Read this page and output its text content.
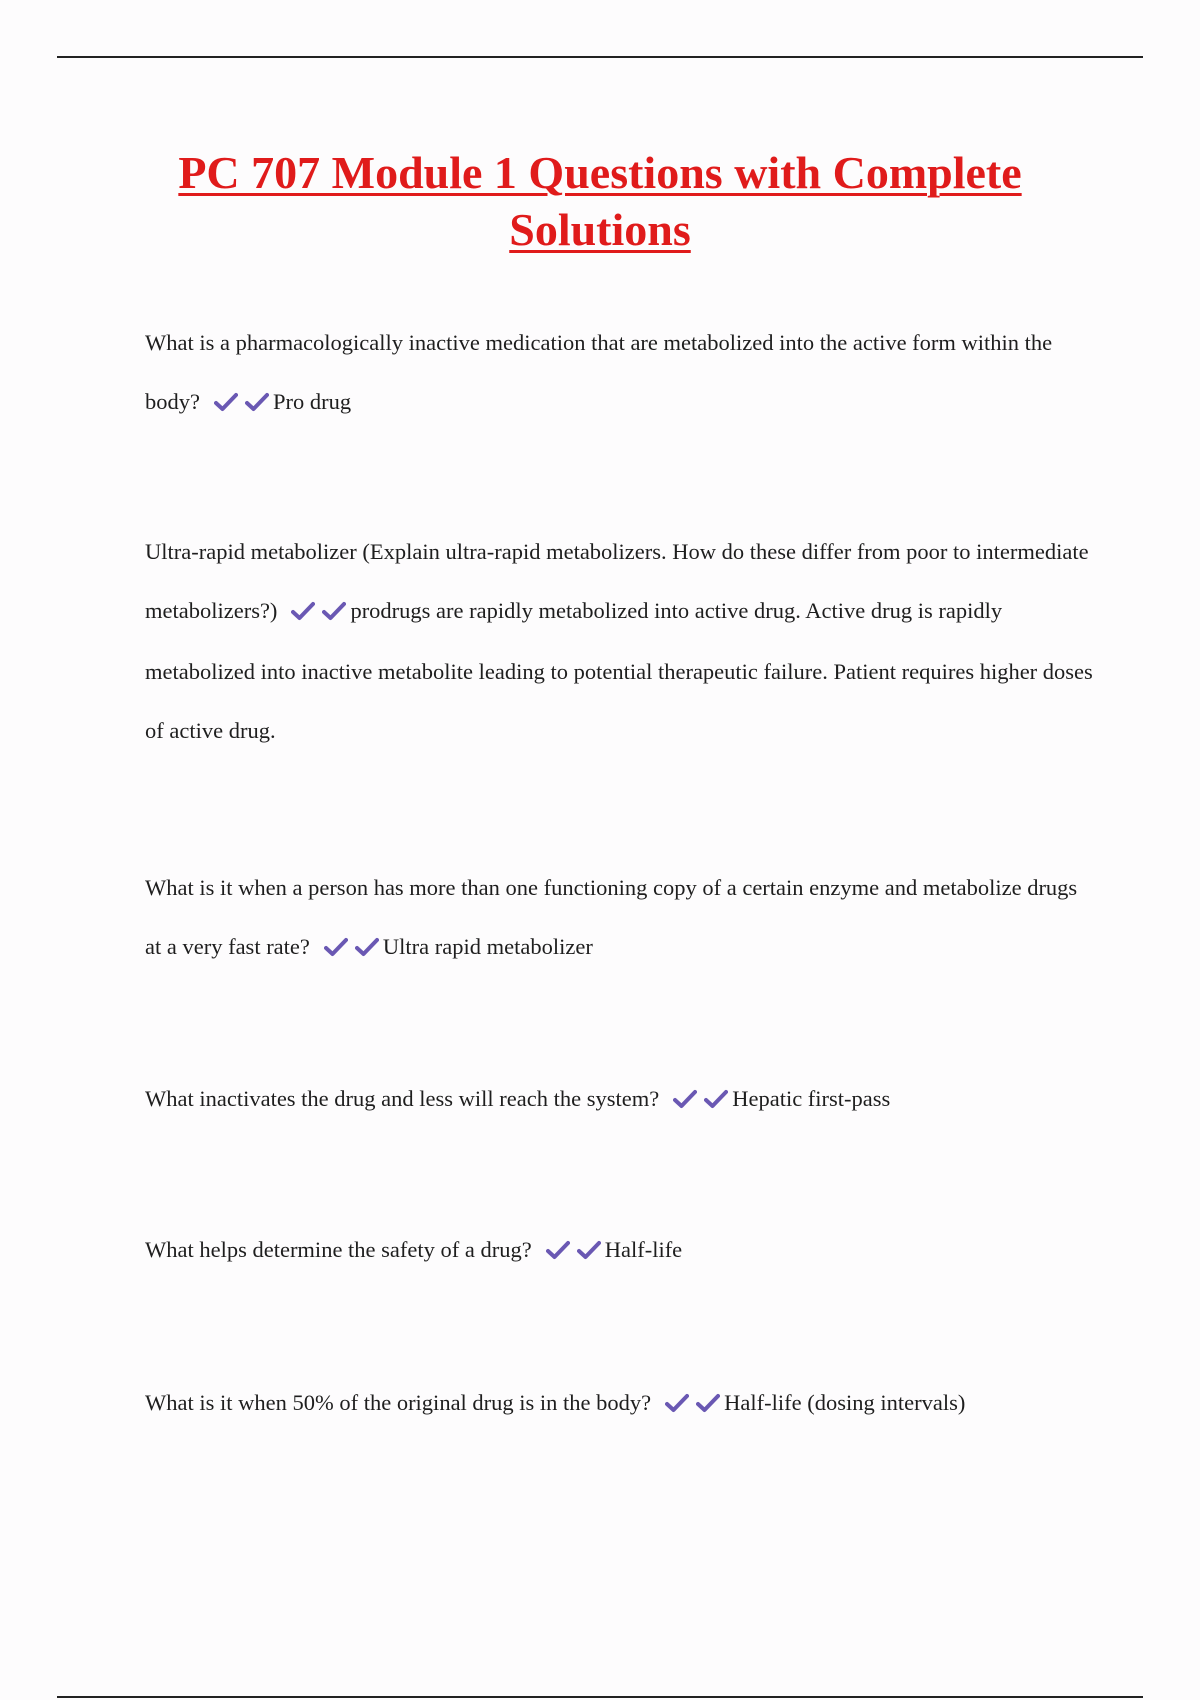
PC 707 Module 1 Questions with Complete
Solutions

What is a pharmacologically inactive medication that are metabolized into the active form within the body?	Pro drug

Ultra-rapid metabolizer (Explain ultra-rapid metabolizers. How do these differ from poor to intermediate metabolizers?)	prodrugs are rapidly metabolized into active drug. Active drug is rapidly metabolized into inactive metabolite leading to potential therapeutic failure. Patient requires higher doses of active drug.

What is it when a person has more than one functioning copy of a certain enzyme and metabolize drugs at a very fast rate?	Ultra rapid metabolizer

What inactivates the drug and less will reach the system?	Hepatic first-pass

What helps determine the safety of a drug?	Half-life

What is it when 50% of the original drug is in the body?	Half-life (dosing intervals)
